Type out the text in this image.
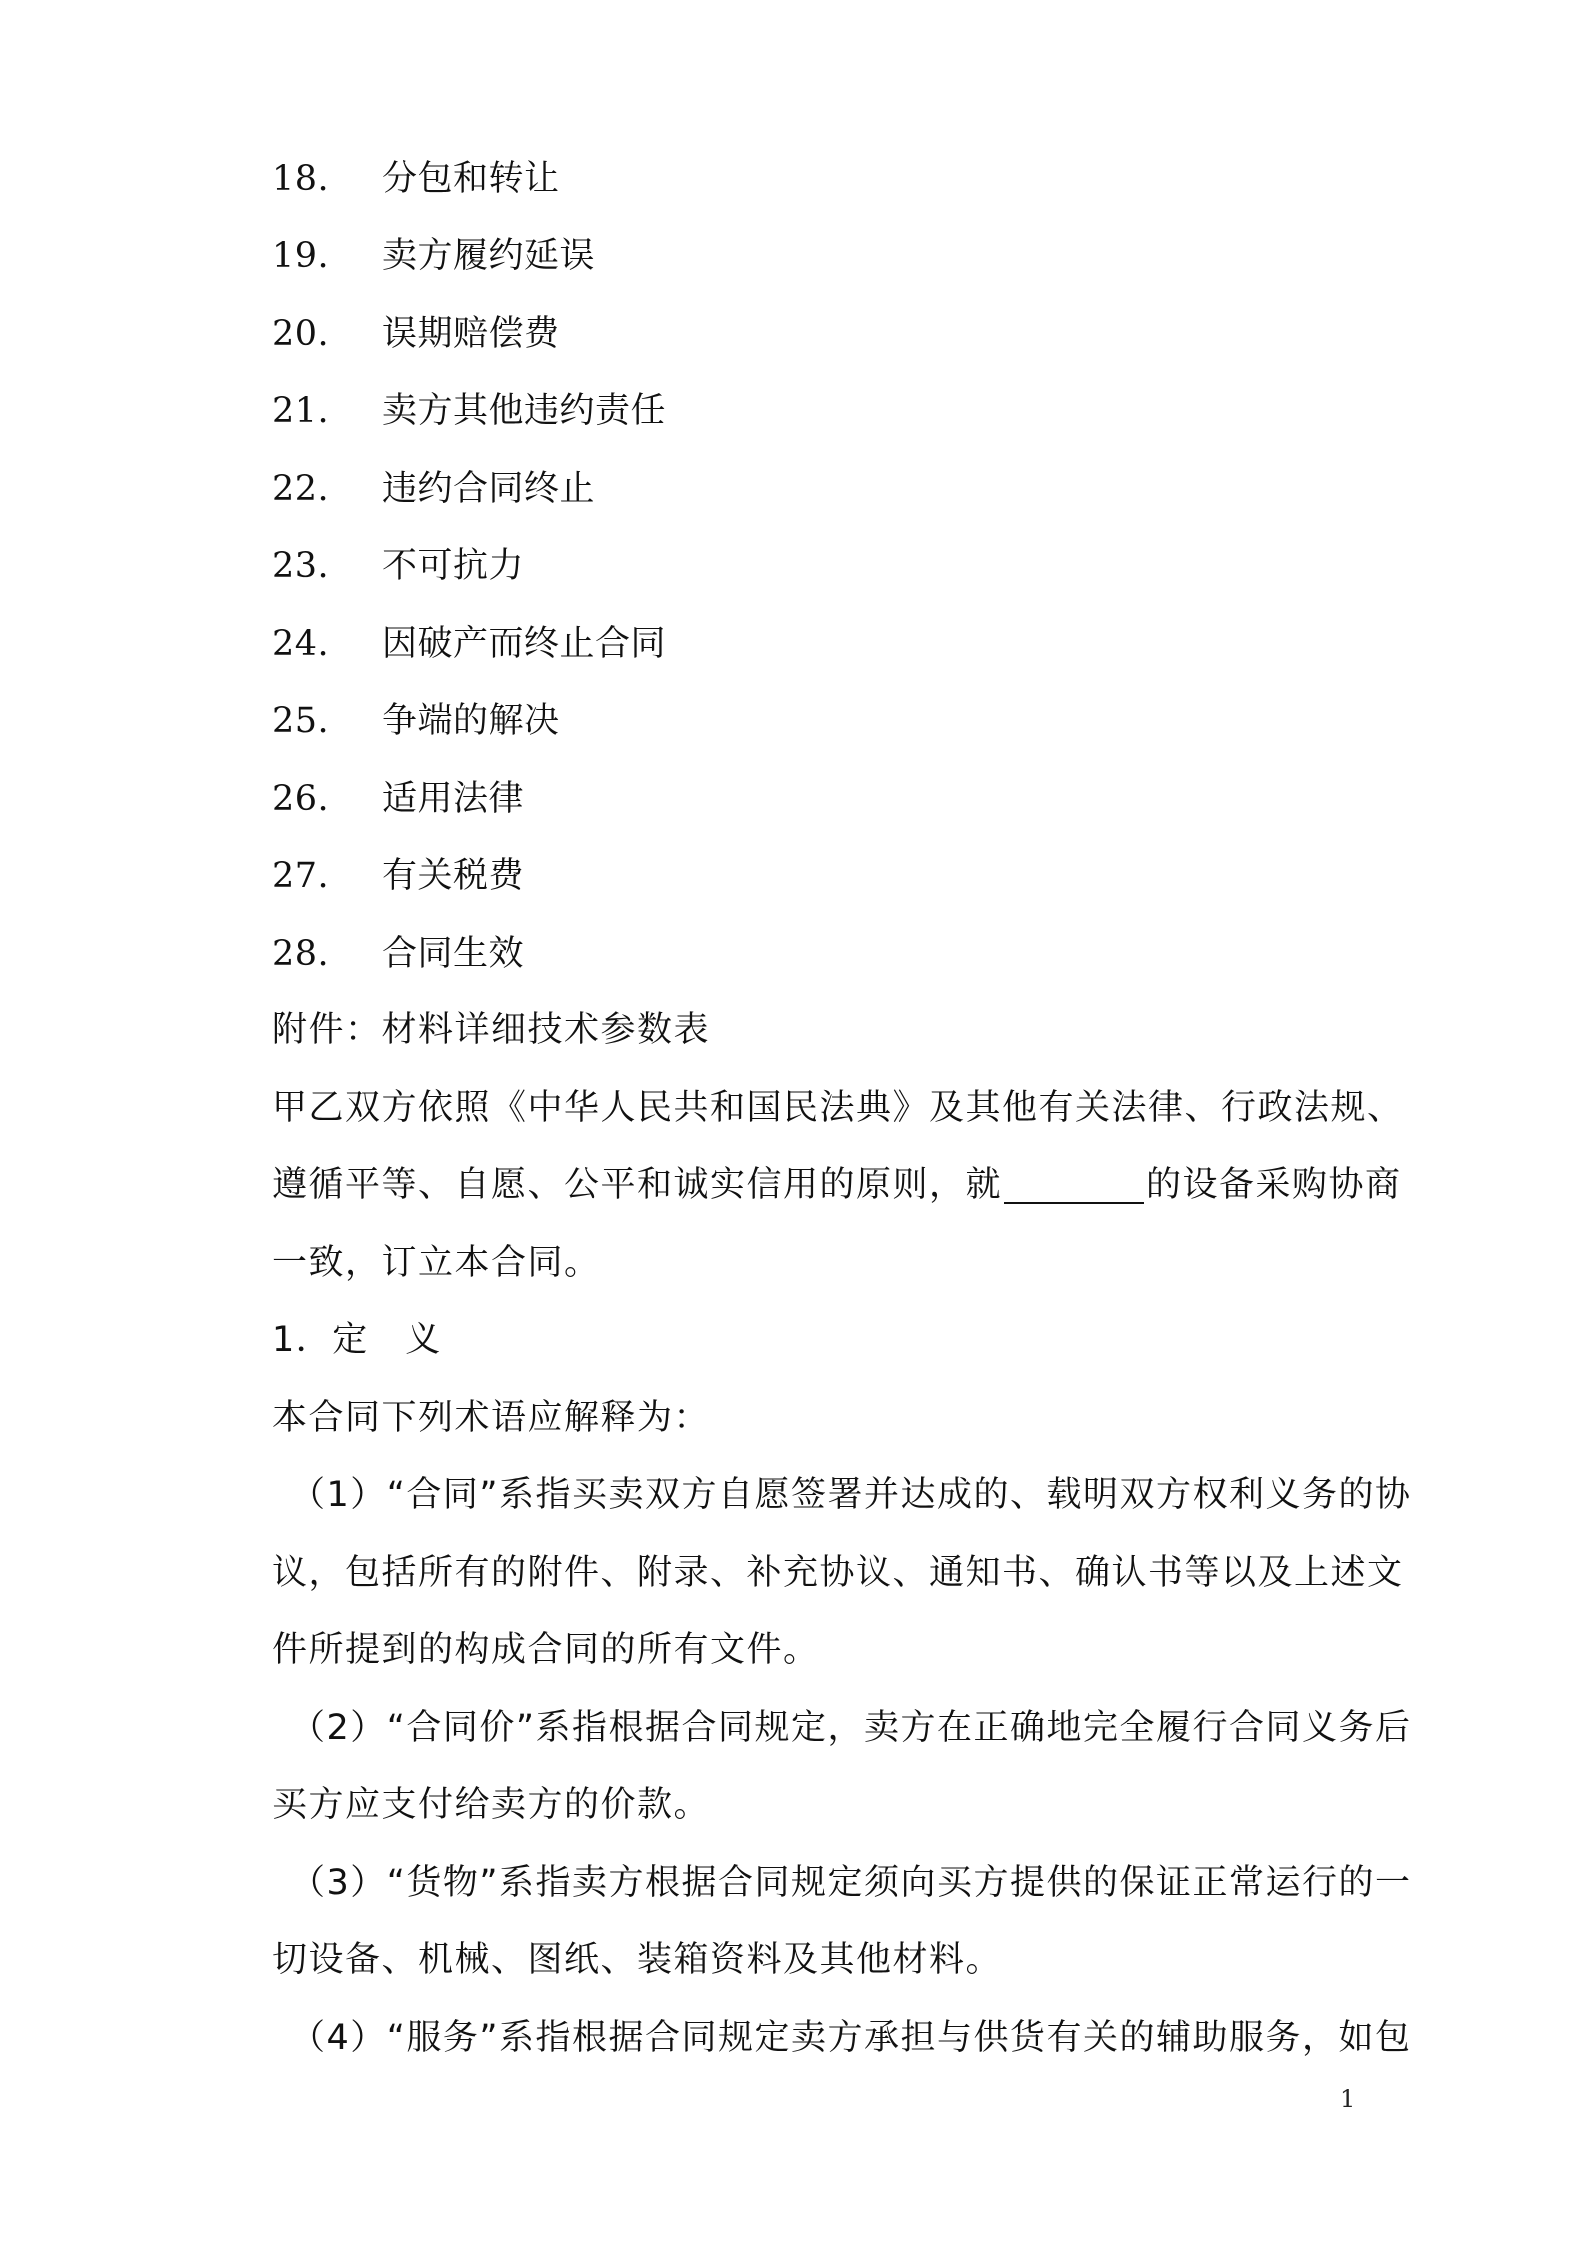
18.	分包和转让
19.	卖方履约延误
20.	误期赔偿费
21.	卖方其他违约责任
22.	违约合同终止
23.	不可抗力
24.	因破产而终止合同
25.	争端的解决
26.	适用法律
27.	有关税费
28.	合同生效
附件：材料详细技术参数表
甲乙双方依照《中华人民共和国民法典》及其他有关法律、行政法规、
遵循平等、自愿、公平和诚实信用的原则，就	的设备采购协商
一致，订立本合同。
1．定　义
本合同下列术语应解释为：
（1）“合同”系指买卖双方自愿签署并达成的、载明双方权利义务的协
议，包括所有的附件、附录、补充协议、通知书、确认书等以及上述文
件所提到的构成合同的所有文件。
（2）“合同价”系指根据合同规定，卖方在正确地完全履行合同义务后
买方应支付给卖方的价款。
（3）“货物”系指卖方根据合同规定须向买方提供的保证正常运行的一
切设备、机械、图纸、装箱资料及其他材料。
（4）“服务”系指根据合同规定卖方承担与供货有关的辅助服务，如包
1
